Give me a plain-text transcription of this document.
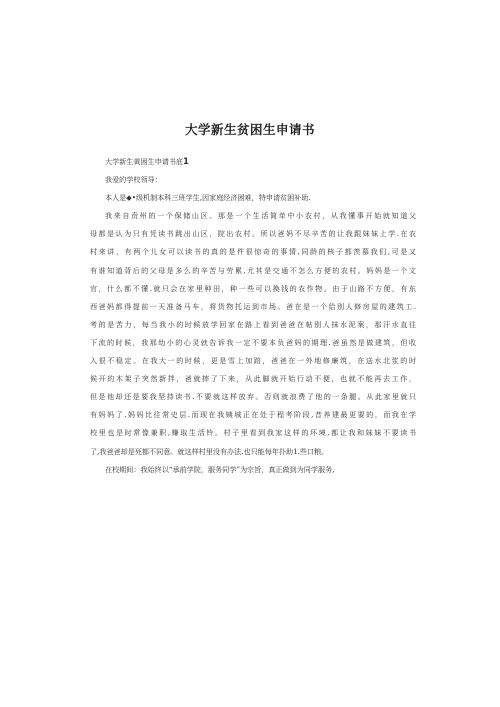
大学新生贫困生申请书

大学新生黄困生申请书底1

我爱的学校领导：

本人是◆•级机制本科三班学生,因家庭经济困难，特申请贫困补助.

我来自贲州的一个保储山区。那是一个生活简单中小农村，从我懂事开始就知道父

母都是认为只有凭读书跳出山区，院出农村。所以爸妈不尽辛苦的让我跟妹妹上学.在农

村来讲，有两个儿女可以读书的真的是件很惊奇的事情,同龄的核子都羡慕我们,可是又

有谁知道背后的父母是多么的辛苦与劳累,尤其是交通不怎么方便的农村。妈妈是一个文

官，什么都不懂.就只会在家里种田，种一些可以换钱的农作物。由于山路不方便，有东

西爸妈都得提前一天准备马车，将货物托运到市场。爸在是一个给别人修房屋的建筑工.

考的是苦力，每当我小的时候放学回家在路上看到爸爸在帖别人抹水泥案，那汗水直往

下流的时候，我那幼小的心灵就告诉我一定不要本负爸妈的期理.爸虽然是做建筑，但收

入很不稳定。在我大一的时候，更是雪上加踣，爸爸在一外地修廉筑，在送水北浆的时

候开的木架子突然新拌，爸就摔了下来，从此脚就开始行动不便，也就不能再去工作，

但是他却还是要我坚持读书.不要就这样放弃。否则就浪费了他的一条腿。从此家里就只

有妈妈了.妈妈比往常史层.而现在我姨城正在处于程考阶段,昔养建最更要的，而我在学

校里也是时常像兼职,赚取生活铃。村子里看到我家这样的环境,都让我和妹妹不要读书

了,我爸爸却是死都不同意。就这样村里没有办法,也只能每年扑助1.些口粮。

在校期间：我始终以“承前学院，服务同学”为宗旨，真正做到为同学服务,
